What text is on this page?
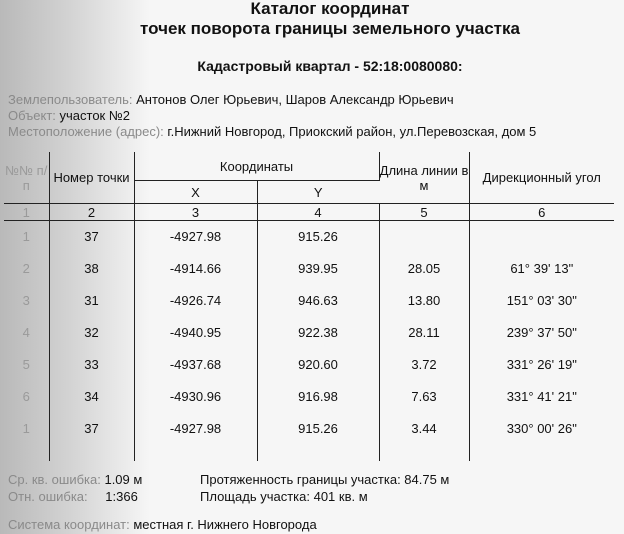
Каталог координат
точек поворота границы земельного участка
Кадастровый квартал - 52:18:0080080:
Землепользователь: Антонов Олег Юрьевич, Шаров Александр Юрьевич
Объект: участок №2
Местоположение (адрес): г.Нижний Новгород, Приокский район, ул.Перевозская, дом 5
№№ п/п	Номер точки	Координаты		Длина линии в м	Дирекционный угол
		X	Y		
1	2	3	4	5	6
1	37	-4927.98	915.26		

2	38	-4914.66	939.95	28.05	61° 39' 13"

3	31	-4926.74	946.63	13.80	151° 03' 30"

4	32	-4940.95	922.38	28.11	239° 37' 50"

5	33	-4937.68	920.60	3.72	331° 26' 19"

6	34	-4930.96	916.98	7.63	331° 41' 21"

1	37	-4927.98	915.26	3.44	330° 00' 26"

Ср. кв. ошибка: 1.09 м
Отн. ошибка: 1:366
Протяженность границы участка: 84.75 м
Площадь участка: 401 кв. м
Система координат: местная г. Нижнего Новгорода
